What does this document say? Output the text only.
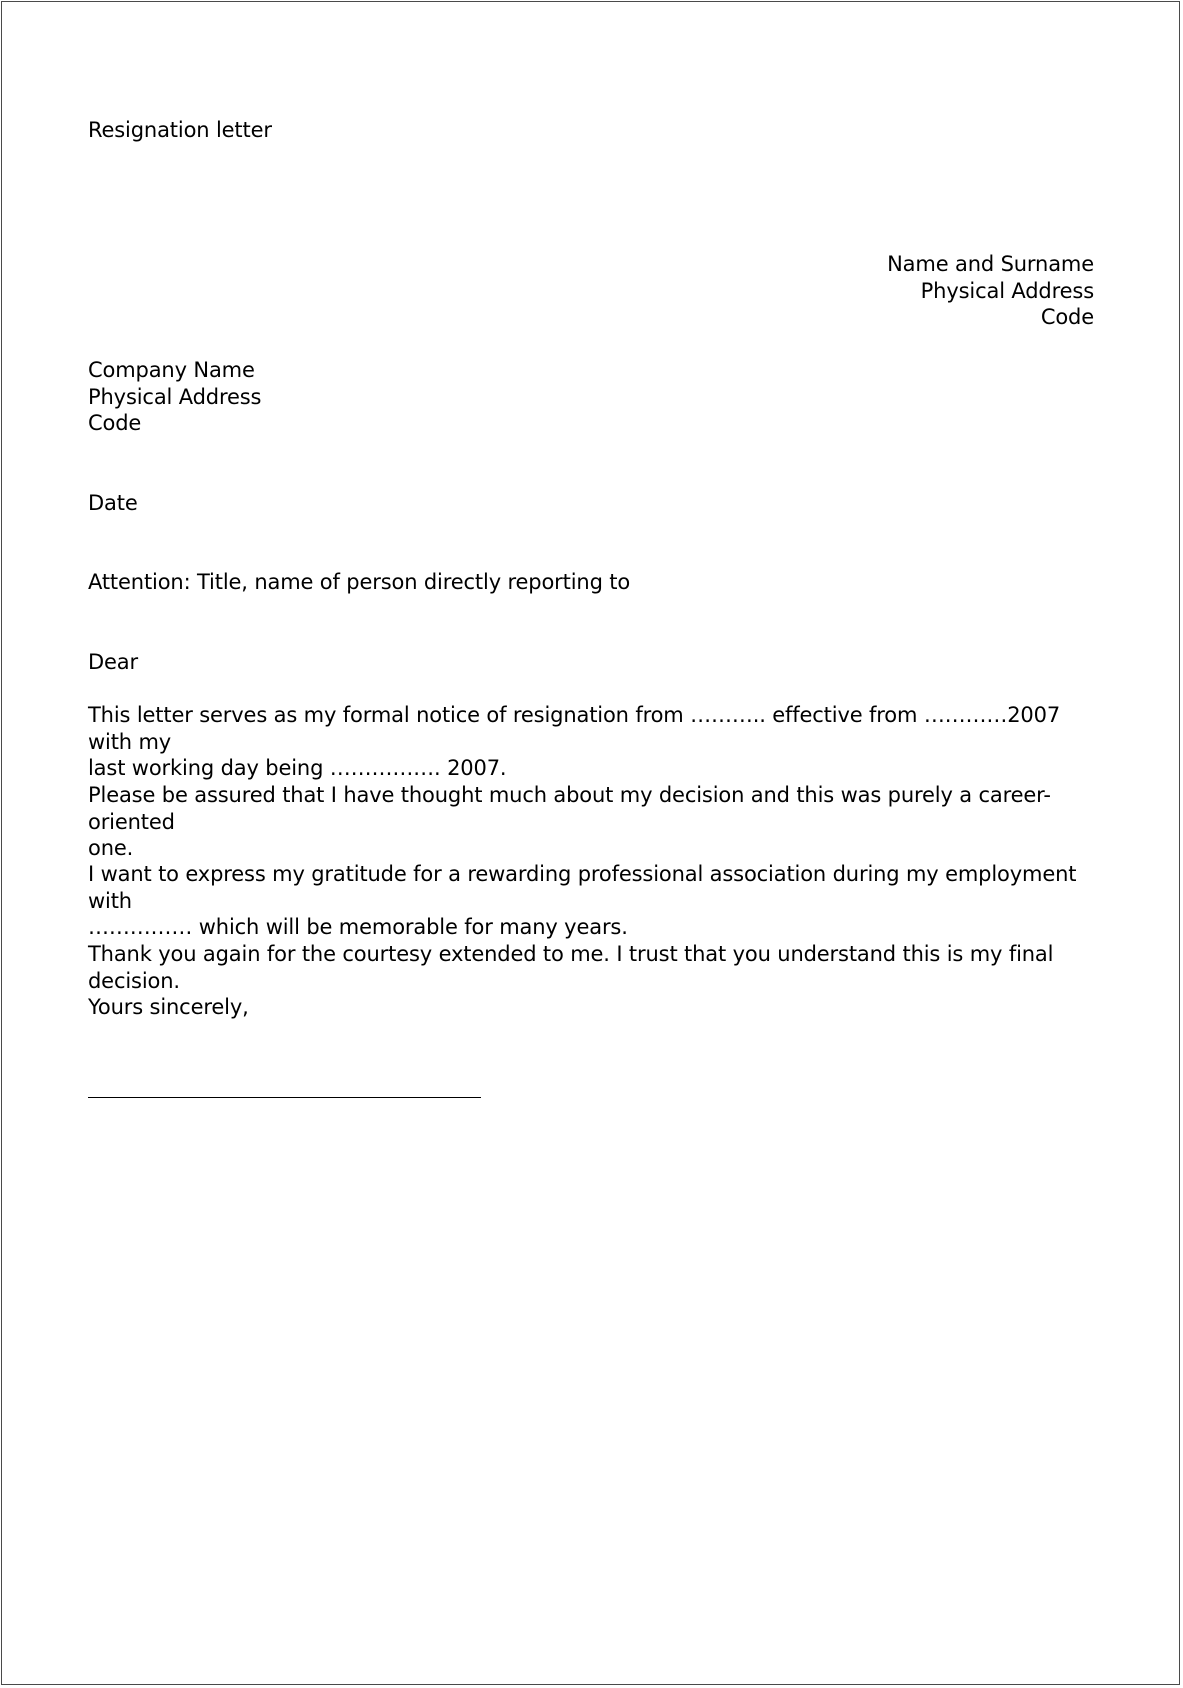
Resignation letter
Name and Surname
Physical Address
Code
Company Name
Physical Address
Code
Date
Attention: Title, name of person directly reporting to
Dear
This letter serves as my formal notice of resignation from ……….. effective from …………2007 with my
last working day being ……………. 2007.
Please be assured that I have thought much about my decision and this was purely a career-oriented
one.
I want to express my gratitude for a rewarding professional association during my employment with
…………… which will be memorable for many years.
Thank you again for the courtesy extended to me. I trust that you understand this is my final decision.
Yours sincerely,
